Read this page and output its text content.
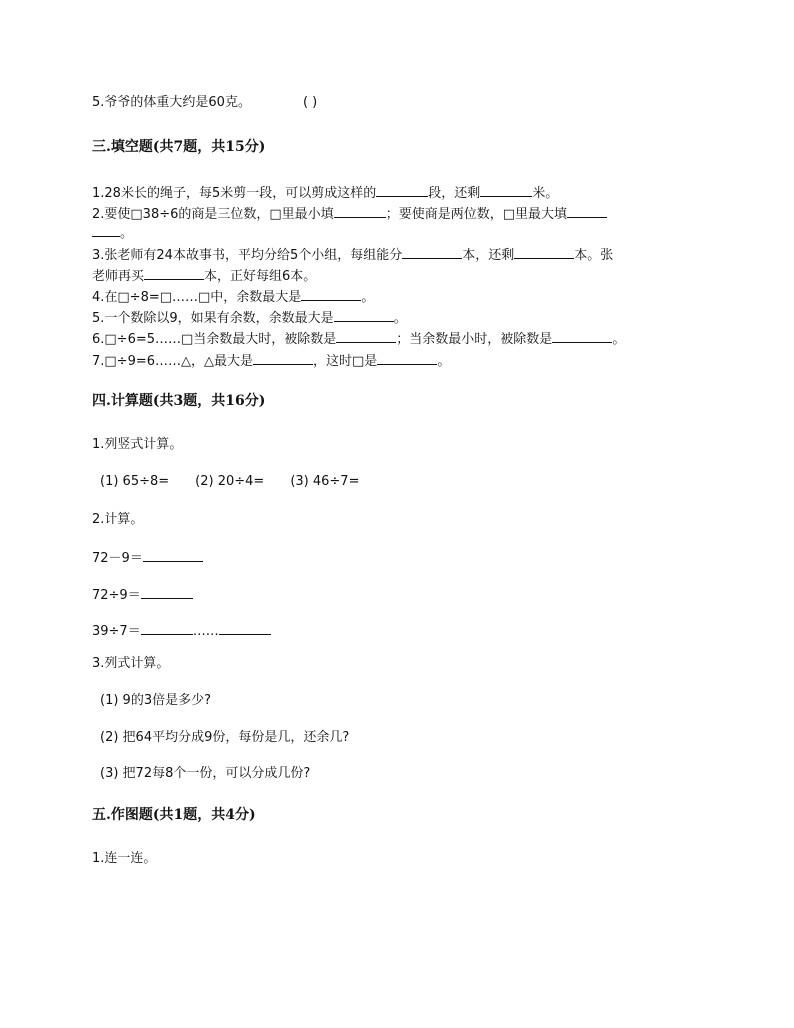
5.爷爷的体重大约是60克。	( )
三.填空题(共7题，共15分)
1.28米长的绳子，每5米剪一段，可以剪成这样的	段，还剩	米。
2.要使□38÷6的商是三位数，□里最小填	；要使商是两位数，□里最大填
。
3.张老师有24本故事书，平均分给5个小组，每组能分	本，还剩	本。张
老师再买	本，正好每组6本。
4.在□÷8=□……□中，余数最大是	。
5.一个数除以9，如果有余数，余数最大是	。
6.□÷6=5……□当余数最大时，被除数是	；当余数最小时，被除数是	。
7.□÷9=6……△，△最大是	，这时□是	。
四.计算题(共3题，共16分)
1.列竖式计算。
(1) 65÷8= (2) 20÷4= (3) 46÷7=
2.计算。
72－9＝
72÷9＝
39÷7＝	……
3.列式计算。
(1) 9的3倍是多少?
(2) 把64平均分成9份，每份是几，还余几?
(3) 把72每8个一份，可以分成几份?
五.作图题(共1题，共4分)
1.连一连。
